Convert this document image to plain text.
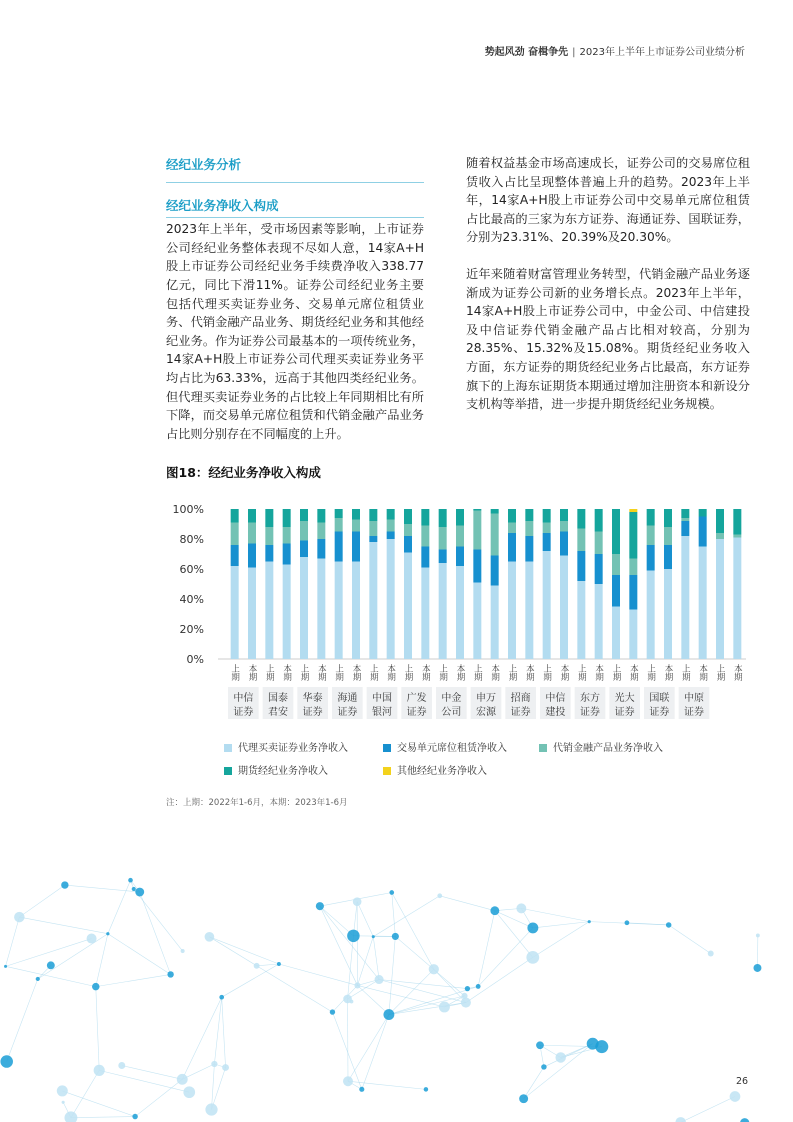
势起风劲 奋楫争先 | 2023年上半年上市证券公司业绩分析
经纪业务分析
经纪业务净收入构成

2023年上半年，受市场因素等影响，上市证券公司经纪业务整体表现不尽如人意，14家A+H股上市证券公司经纪业务手续费净收入338.77亿元，同比下滑11%。证券公司经纪业务主要包括代理买卖证券业务、交易单元席位租赁业务、代销金融产品业务、期货经纪业务和其他经纪业务。作为证券公司最基本的一项传统业务，14家A+H股上市证券公司代理买卖证券业务平均占比为63.33%，远高于其他四类经纪业务。但代理买卖证券业务的占比较上年同期相比有所下降，而交易单元席位租赁和代销金融产品业务占比则分别存在不同幅度的上升。

随着权益基金市场高速成长，证券公司的交易席位租赁收入占比呈现整体普遍上升的趋势。2023年上半年，14家A+H股上市证券公司中交易单元席位租赁占比最高的三家为东方证券、海通证券、国联证券，分别为23.31%、20.39%及20.30%。

近年来随着财富管理业务转型，代销金融产品业务逐渐成为证券公司新的业务增长点。2023年上半年，14家A+H股上市证券公司中，中金公司、中信建投及中信证券代销金融产品占比相对较高，分别为28.35%、15.32%及15.08%。期货经纪业务收入方面，东方证券的期货经纪业务占比最高，东方证券旗下的上海东证期货本期通过增加注册资本和新设分支机构等举措，进一步提升期货经纪业务规模。

图18：经纪业务净收入构成
0%
20%
40%
60%
80%
100%
上期 本期 上期 本期 上期 本期 上期 本期 上期 本期 上期 本期 上期 本期 上期 本期 上期 本期 上期 本期 上期 本期 上期 本期 上期 本期 上期 本期 上期 本期
中信
证券
国泰
君安
华泰
证券
海通
证券
中国
银河
广发
证券
中金
公司
申万
宏源
招商
证券
中信
建投
东方
证券
光大
证券
国联
证券
中原
证券
代理买卖证券业务净收入	交易单元席位租赁净收入	代销金融产品业务净收入
期货经纪业务净收入	其他经纪业务净收入
注：上期：2022年1-6月，本期：2023年1-6月
26
